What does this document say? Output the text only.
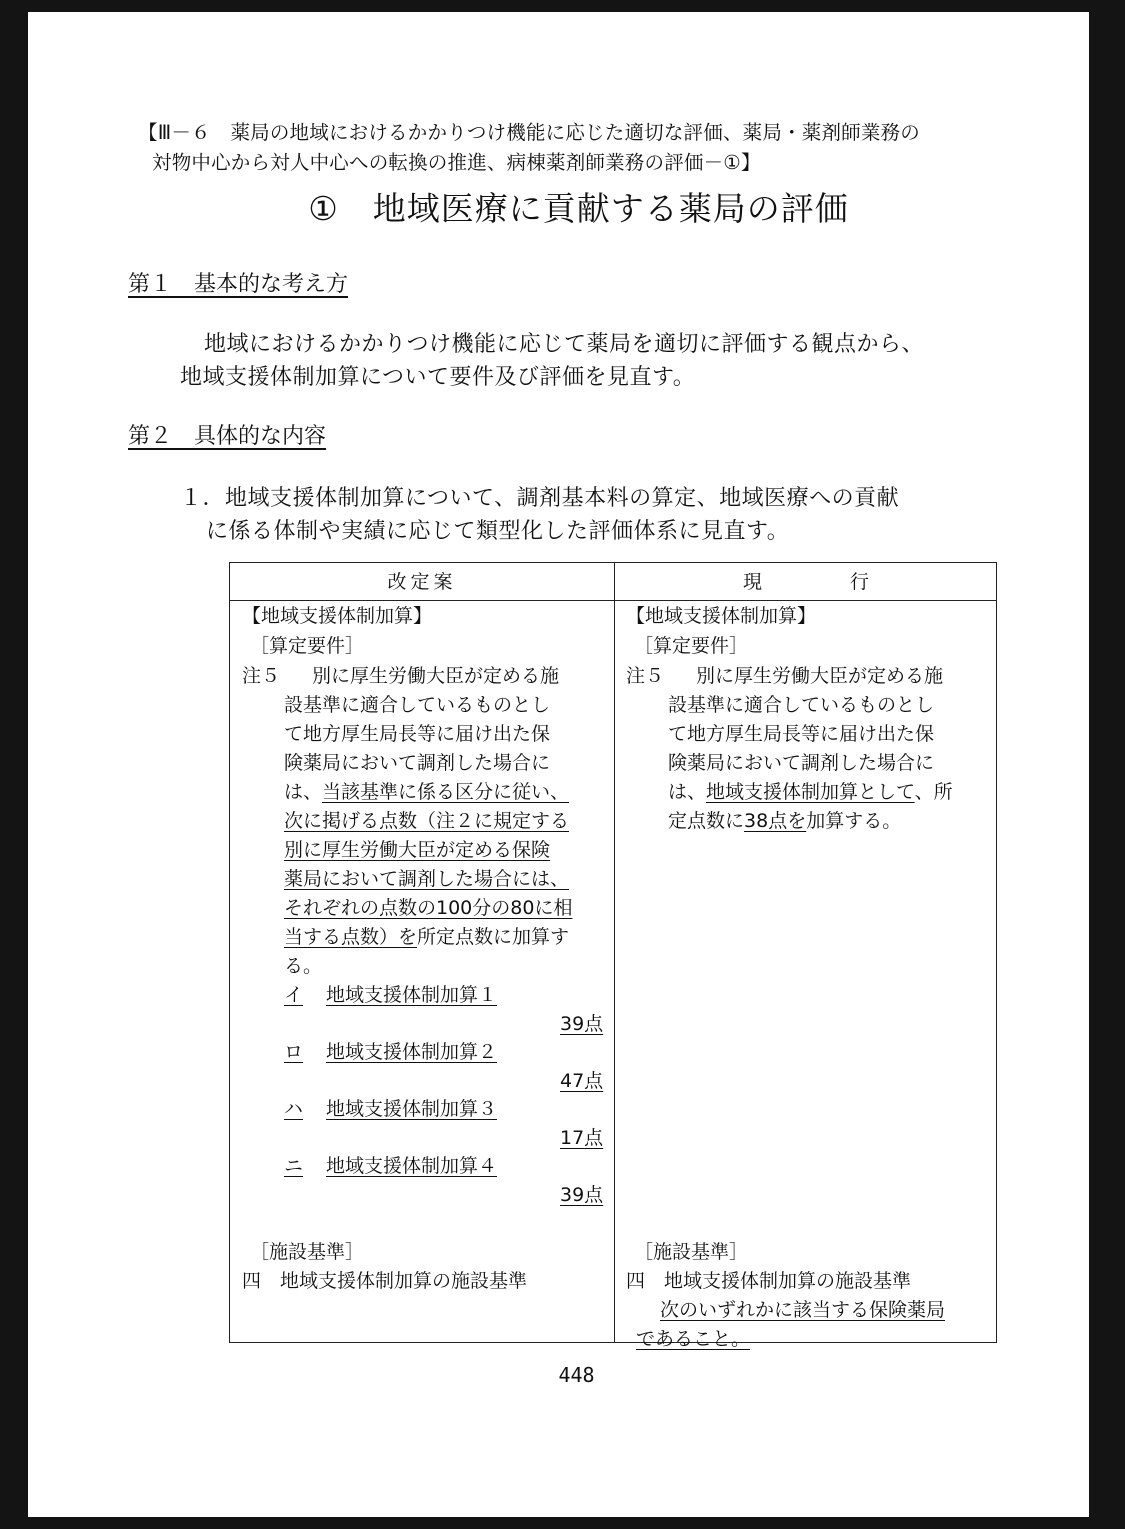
【Ⅲ－６　薬局の地域におけるかかりつけ機能に応じた適切な評価、薬局・薬剤師業務の
対物中心から対人中心への転換の推進、病棟薬剤師業務の評価－①】
①　地域医療に貢献する薬局の評価
第１　基本的な考え方
地域におけるかかりつけ機能に応じて薬局を適切に評価する観点から、
地域支援体制加算について要件及び評価を見直す。
第２　具体的な内容
１．地域支援体制加算について、調剤基本料の算定、地域医療への貢献
に係る体制や実績に応じて類型化した評価体系に見直す。
改定案	現	行
【地域支援体制加算】
［算定要件］
注５ 別に厚生労働大臣が定める施
設基準に適合しているものとし
て地方厚生局長等に届け出た保
険薬局において調剤した場合に
は、当該基準に係る区分に従い、
次に掲げる点数（注２に規定する
別に厚生労働大臣が定める保険
薬局において調剤した場合には、
それぞれの点数の100分の80に相
当する点数）を所定点数に加算す
る。
イ 地域支援体制加算１
39点
ロ 地域支援体制加算２
47点
ハ 地域支援体制加算３
17点
ニ 地域支援体制加算４
39点
［施設基準］
四　地域支援体制加算の施設基準
【地域支援体制加算】
［算定要件］
注５ 別に厚生労働大臣が定める施
設基準に適合しているものとし
て地方厚生局長等に届け出た保
険薬局において調剤した場合に
は、地域支援体制加算として、所
定点数に38点を加算する。
［施設基準］
四　地域支援体制加算の施設基準
次のいずれかに該当する保険薬局
であること。
448
